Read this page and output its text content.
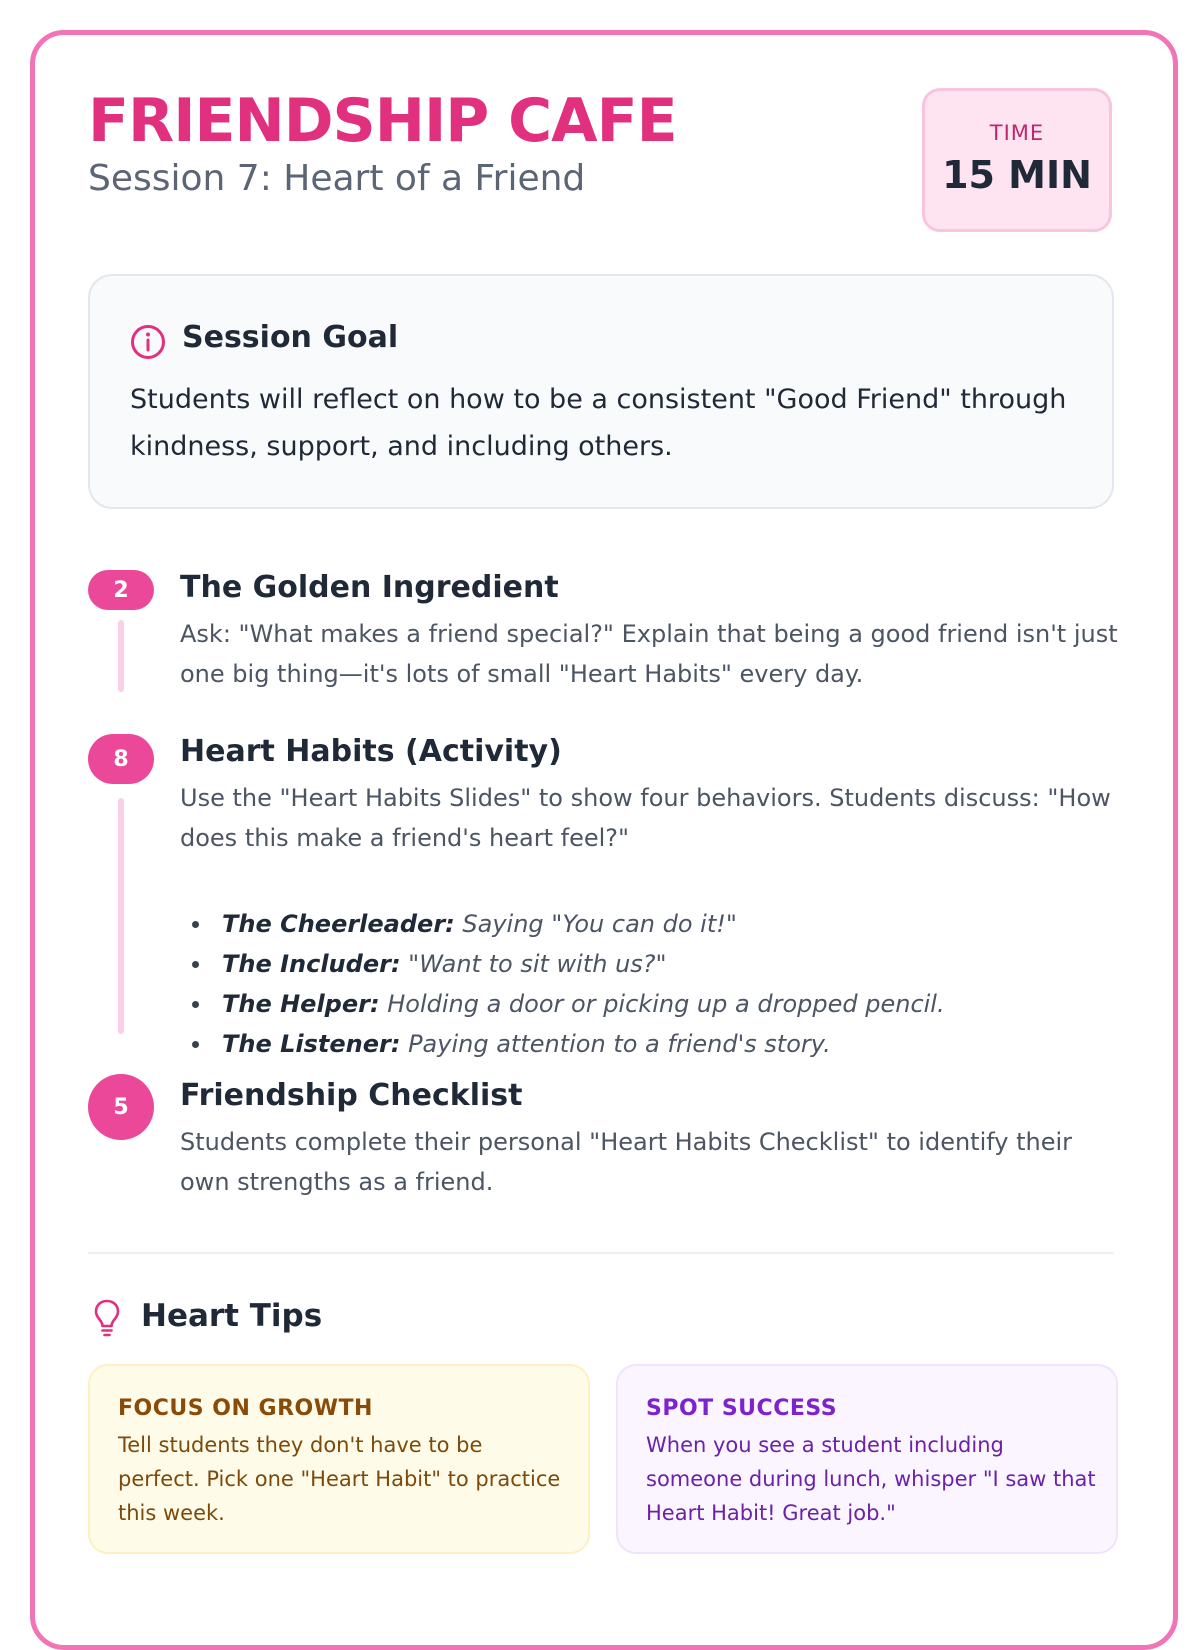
FRIENDSHIP CAFE
Session 7: Heart of a Friend
TIME
15 MIN
Session Goal
Students will reflect on how to be a consistent "Good Friend" through kindness, support, and including others.
2	The Golden Ingredient
Ask: "What makes a friend special?" Explain that being a good friend isn't just one big thing—it's lots of small "Heart Habits" every day.
8	Heart Habits (Activity)
Use the "Heart Habits Slides" to show four behaviors. Students discuss: "How does this make a friend's heart feel?"
The Cheerleader: Saying "You can do it!"
The Includer: "Want to sit with us?"
The Helper: Holding a door or picking up a dropped pencil.
The Listener: Paying attention to a friend's story.
5	Friendship Checklist
Students complete their personal "Heart Habits Checklist" to identify their own strengths as a friend.
Heart Tips
FOCUS ON GROWTH
Tell students they don't have to be perfect. Pick one "Heart Habit" to practice this week.
SPOT SUCCESS
When you see a student including someone during lunch, whisper "I saw that Heart Habit! Great job."
